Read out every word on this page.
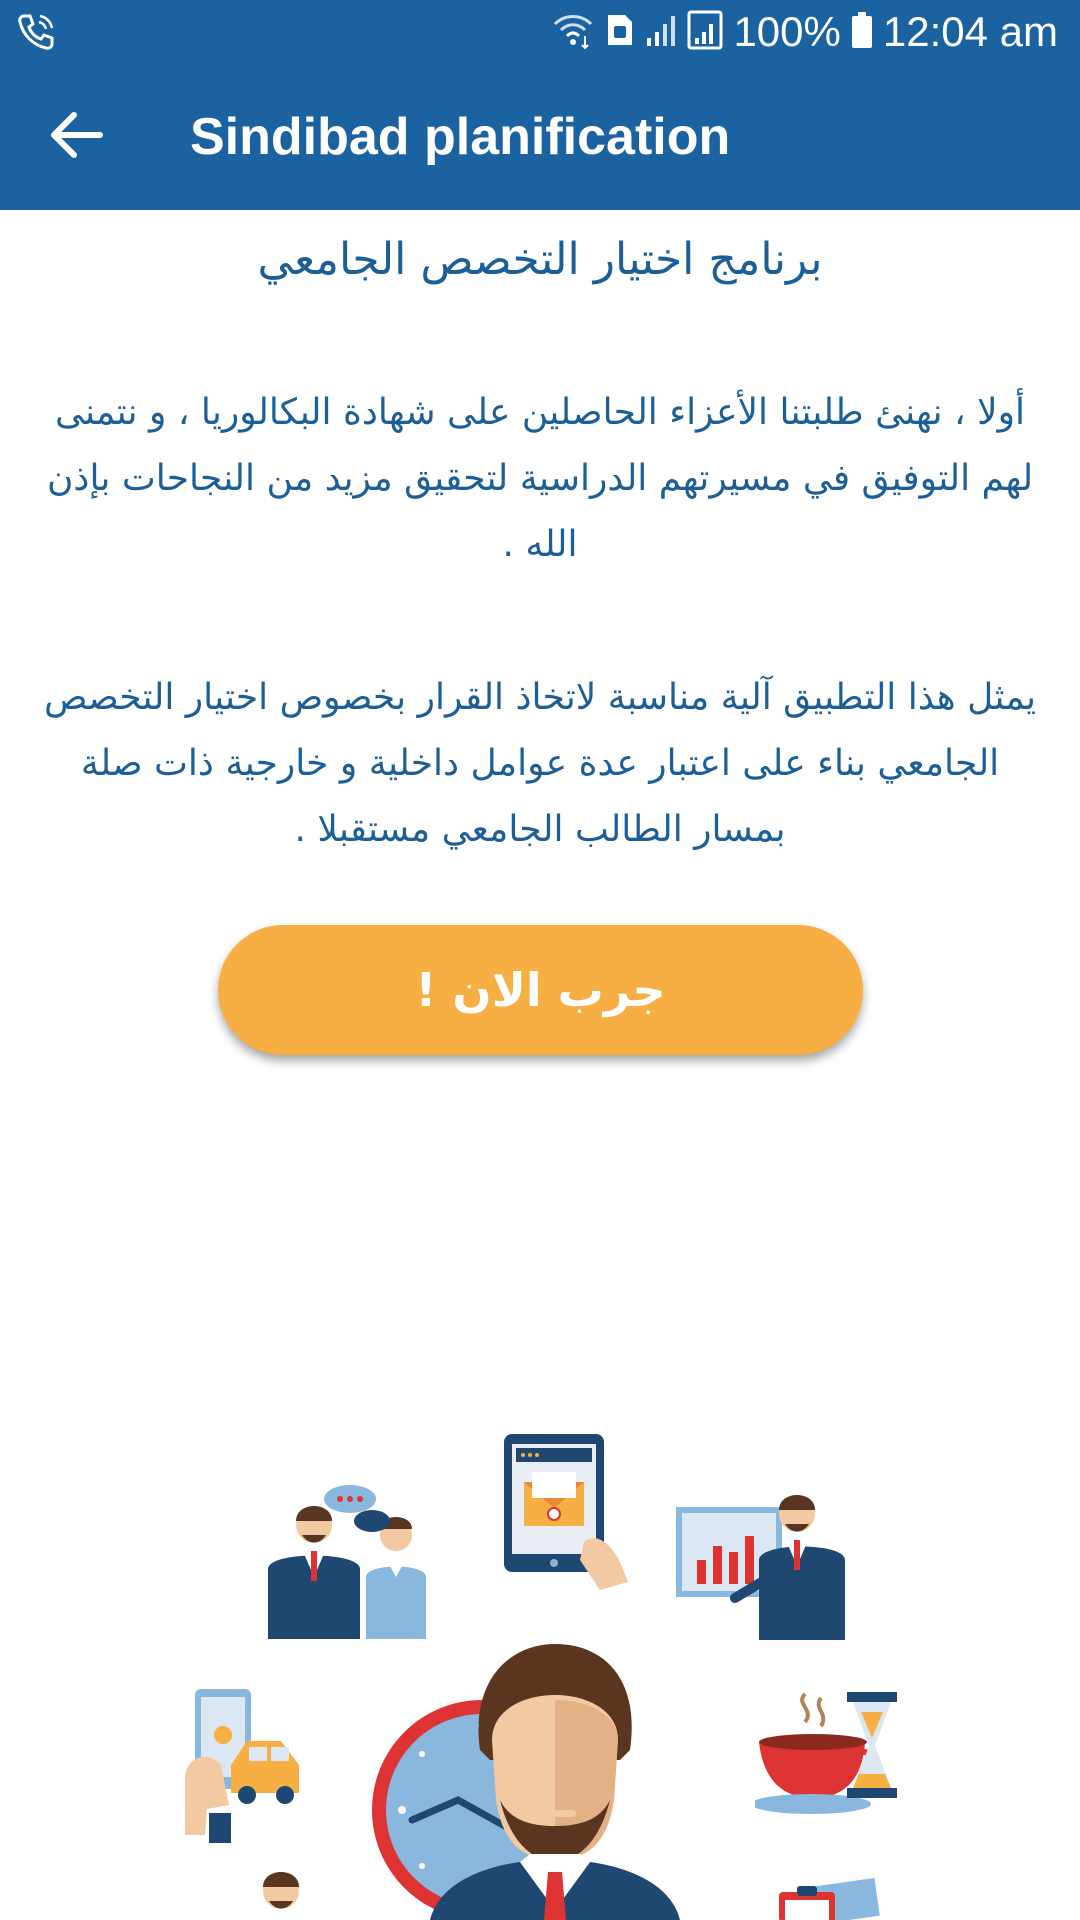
100% 12:04 am
Sindibad planification
برنامج اختيار التخصص الجامعي

أولا ، نهنئ طلبتنا الأعزاء الحاصلين على شهادة البكالوريا ، و نتمنى لهم التوفيق في مسيرتهم الدراسية لتحقيق مزيد من النجاحات بإذن الله .

يمثل هذا التطبيق آلية مناسبة لاتخاذ القرار بخصوص اختيار التخصص الجامعي بناء على اعتبار عدة عوامل داخلية و خارجية ذات صلة بمسار الطالب الجامعي مستقبلا .

جرب الان !
